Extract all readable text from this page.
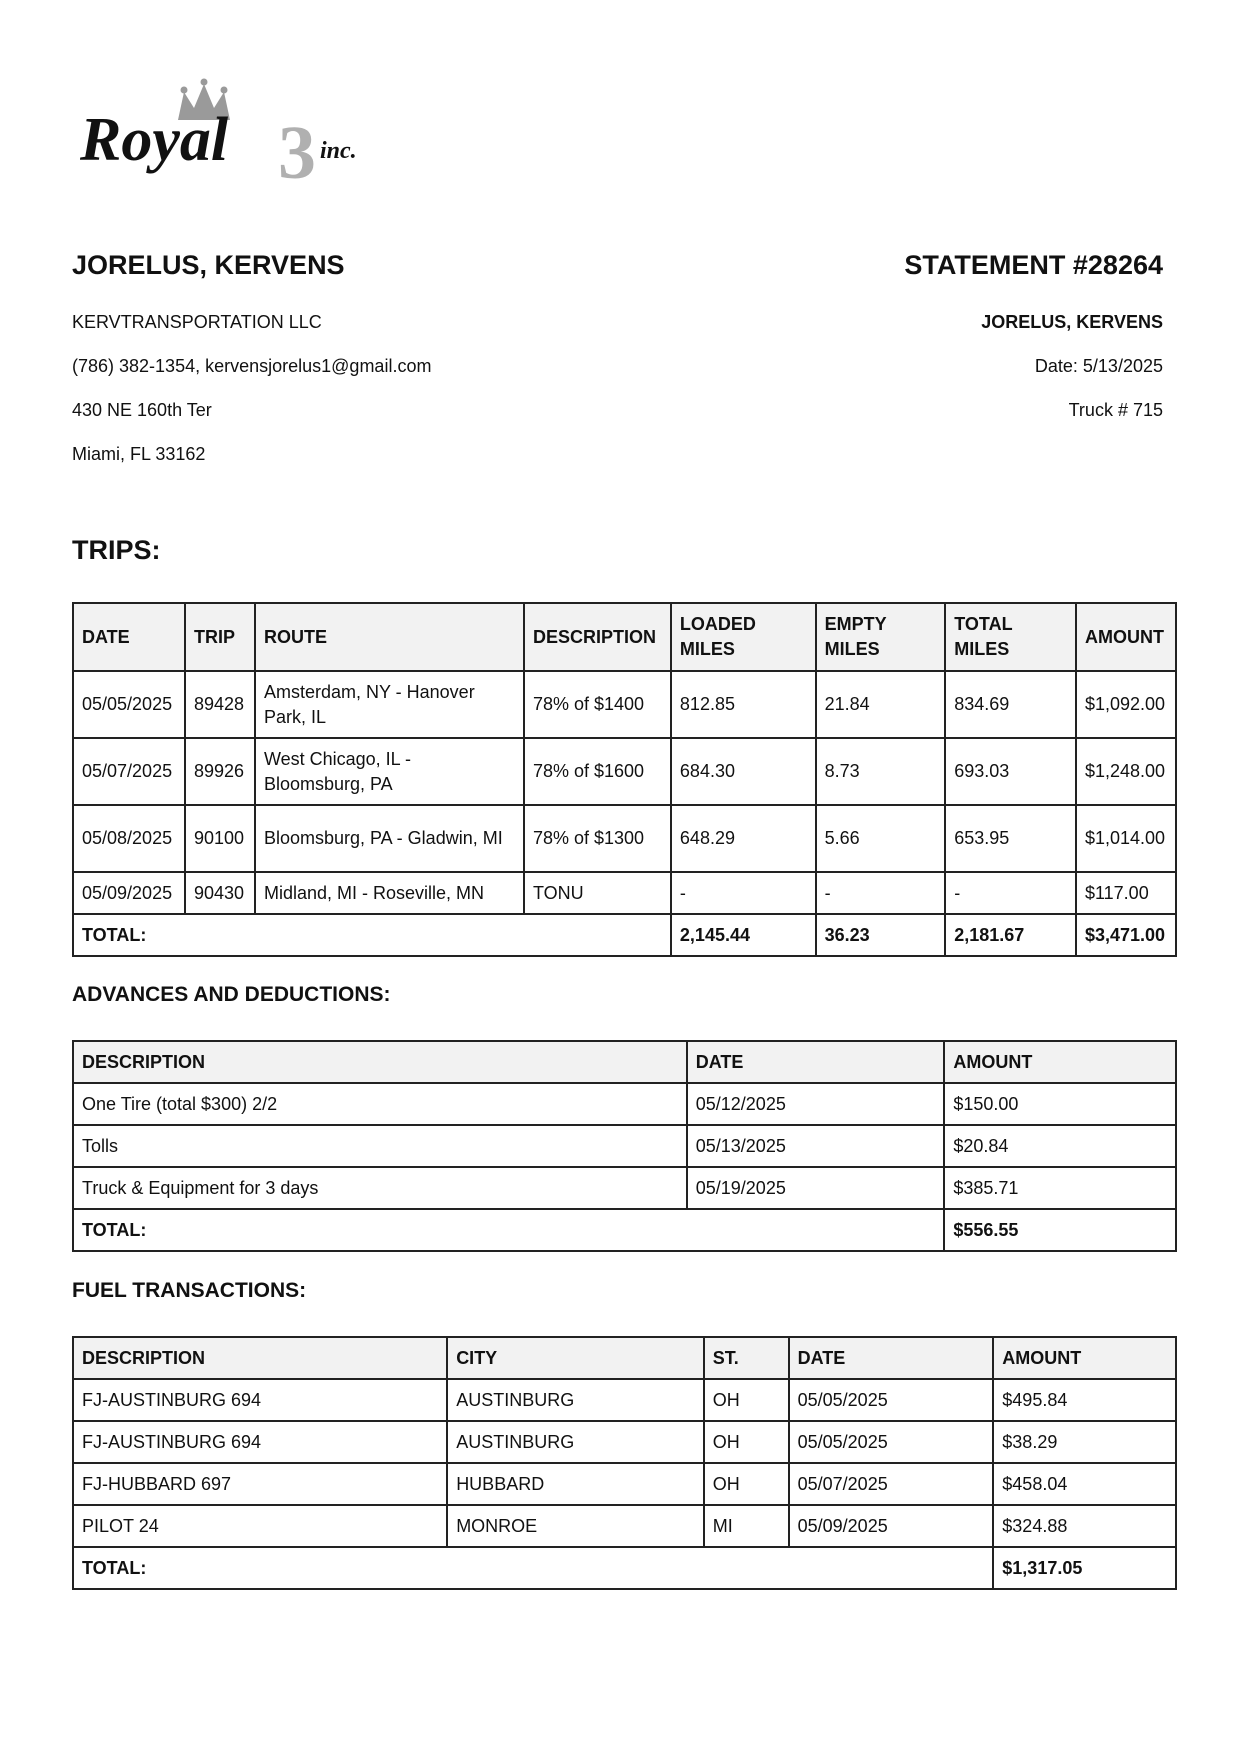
3
Royal	inc.
JORELUS, KERVENS	STATEMENT #28264
KERVTRANSPORTATION LLC
(786) 382-1354, kervensjorelus1@gmail.com
430 NE 160th Ter
Miami, FL 33162
JORELUS, KERVENS
Date: 5/13/2025
Truck # 715
TRIPS:
DATE	TRIP	ROUTE	DESCRIPTION	LOADED MILES	EMPTY MILES	TOTAL MILES	AMOUNT
05/05/2025	89428	Amsterdam, NY - Hanover Park, IL	78% of $1400	812.85	21.84	834.69	$1,092.00
05/07/2025	89926	West Chicago, IL - Bloomsburg, PA	78% of $1600	684.30	8.73	693.03	$1,248.00
05/08/2025	90100	Bloomsburg, PA - Gladwin, MI	78% of $1300	648.29	5.66	653.95	$1,014.00
05/09/2025	90430	Midland, MI - Roseville, MN	TONU	-	-	-	$117.00
TOTAL:				2,145.44	36.23	2,181.67	$3,471.00
ADVANCES AND DEDUCTIONS:
DESCRIPTION	DATE	AMOUNT
One Tire (total $300) 2/2	05/12/2025	$150.00
Tolls	05/13/2025	$20.84
Truck & Equipment for 3 days	05/19/2025	$385.71
TOTAL:		$556.55
FUEL TRANSACTIONS:
DESCRIPTION	CITY	ST.	DATE	AMOUNT
FJ-AUSTINBURG 694	AUSTINBURG	OH	05/05/2025	$495.84
FJ-AUSTINBURG 694	AUSTINBURG	OH	05/05/2025	$38.29
FJ-HUBBARD 697	HUBBARD	OH	05/07/2025	$458.04
PILOT 24	MONROE	MI	05/09/2025	$324.88
TOTAL:				$1,317.05
